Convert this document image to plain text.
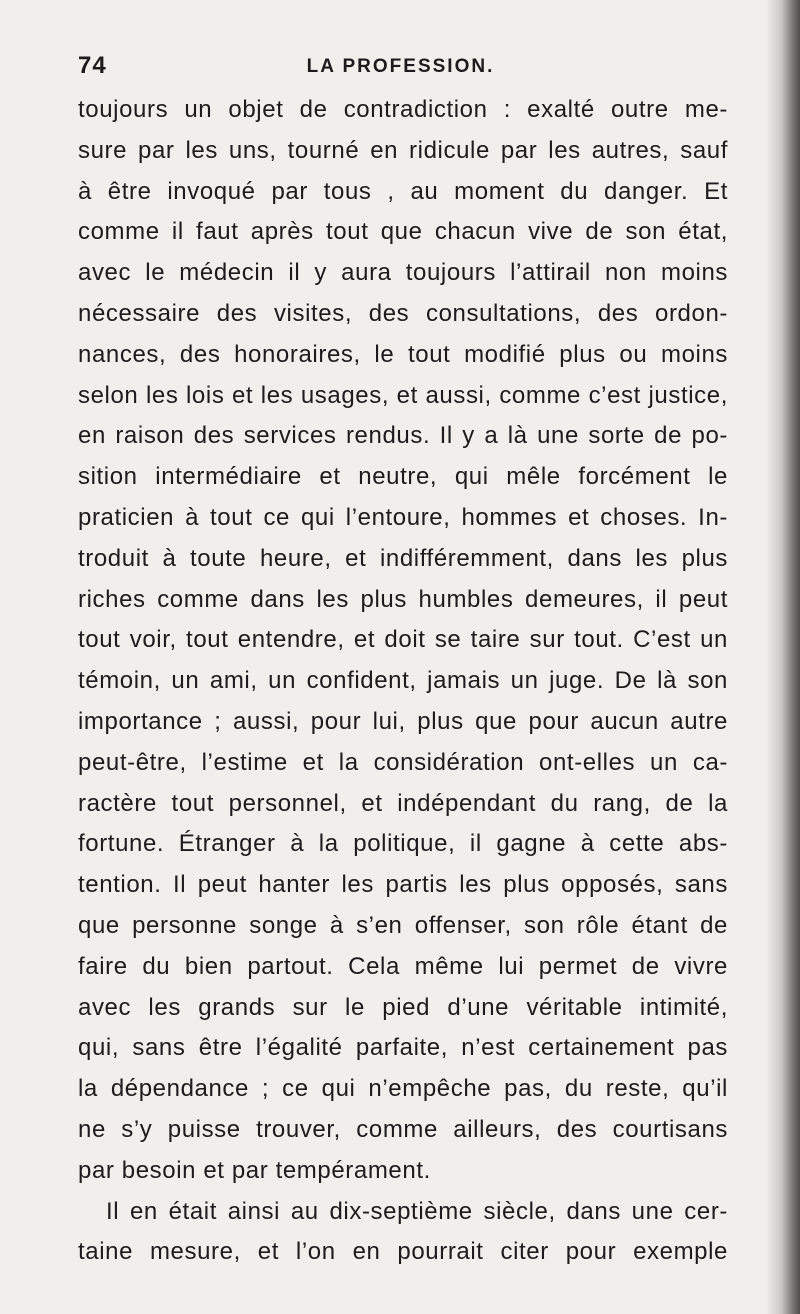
74	LA PROFESSION.
toujours un objet de contradiction : exalté outre me-
sure par les uns, tourné en ridicule par les autres, sauf
à être invoqué par tous , au moment du danger. Et
comme il faut après tout que chacun vive de son état,
avec le médecin il y aura toujours l’attirail non moins
nécessaire des visites, des consultations, des ordon-
nances, des honoraires, le tout modifié plus ou moins
selon les lois et les usages, et aussi, comme c’est justice,
en raison des services rendus. Il y a là une sorte de po-
sition intermédiaire et neutre, qui mêle forcément le
praticien à tout ce qui l’entoure, hommes et choses. In-
troduit à toute heure, et indifféremment, dans les plus
riches comme dans les plus humbles demeures, il peut
tout voir, tout entendre, et doit se taire sur tout. C’est un
témoin, un ami, un confident, jamais un juge. De là son
importance ; aussi, pour lui, plus que pour aucun autre
peut-être, l’estime et la considération ont-elles un ca-
ractère tout personnel, et indépendant du rang, de la
fortune. Étranger à la politique, il gagne à cette abs-
tention. Il peut hanter les partis les plus opposés, sans
que personne songe à s’en offenser, son rôle étant de
faire du bien partout. Cela même lui permet de vivre
avec les grands sur le pied d’une véritable intimité,
qui, sans être l’égalité parfaite, n’est certainement pas
la dépendance ; ce qui n’empêche pas, du reste, qu’il
ne s’y puisse trouver, comme ailleurs, des courtisans
par besoin et par tempérament.
Il en était ainsi au dix-septième siècle, dans une cer-
taine mesure, et l’on en pourrait citer pour exemple
